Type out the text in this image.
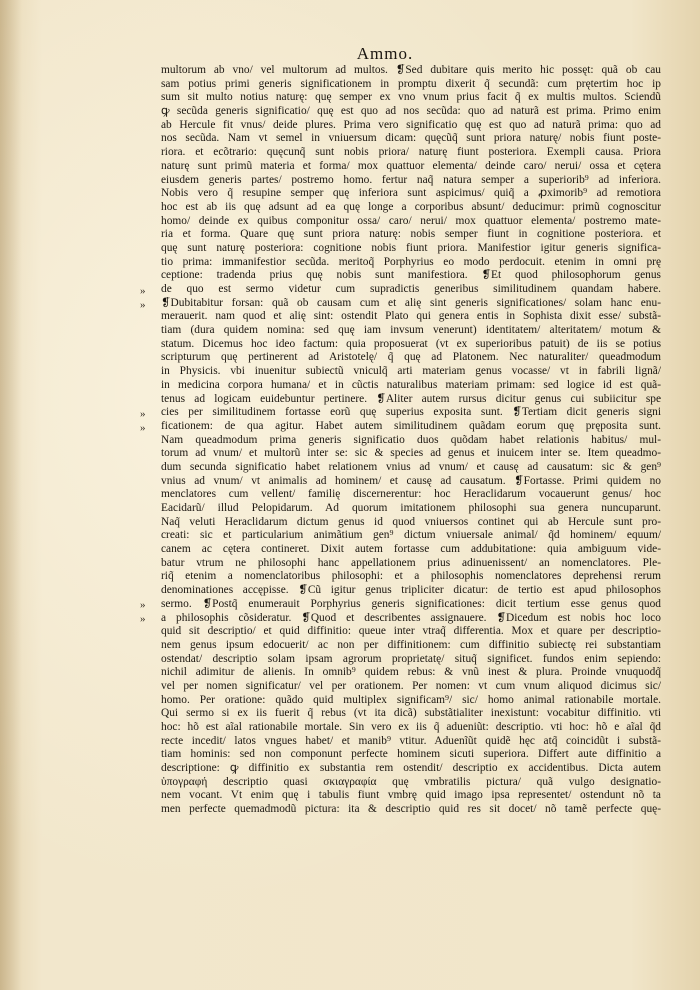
Ammo.
»
»
»
»
»
»
multorum ab vno/ vel multorum ad multos. ❡Sed dubitare quis merito hic possęt: quã ob cau
sam potius primi generis significationem in promptu dixerit q̃ secundã: cum prętertim hoc ip
sum sit multo notius naturę: quę semper ex vno vnum prius facit q̃ ex multis multos. Sciendũ
ꝙ secũda generis significatio/ quę est quo ad nos secũda: quo ad naturã est prima. Primo enim
ab Hercule fit vnus/ deide plures. Prima vero significatio quę est quo ad naturã prima: quo ad
nos secũda. Nam vt semel in vniuersum dicam: quęcũq̃ sunt priora naturę/ nobis fiunt poste-
riora. et ecõtrario: quęcunq̃ sunt nobis priora/ naturę fiunt posteriora. Exempli causa. Priora
naturę sunt primũ materia et forma/ mox quattuor elementa/ deinde caro/ nerui/ ossa et cętera
eiusdem generis partes/ postremo homo. fertur naq̃ natura semper a superiorib⁹ ad inferiora.
Nobis vero q̃ resupine semper quę inferiora sunt aspicimus/ quiq̃ a ꝓximorib⁹ ad remotiora
hoc est ab iis quę adsunt ad ea quę longe a corporibus absunt/ deducimur: primũ cognoscitur
homo/ deinde ex quibus componitur ossa/ caro/ nerui/ mox quattuor elementa/ postremo mate-
ria et forma. Quare quę sunt priora naturę: nobis semper fiunt in cognitione posteriora. et
quę sunt naturę posteriora: cognitione nobis fiunt priora. Manifestior igitur generis significa-
tio prima: immanifestior secũda. meritoq̃ Porphyrius eo modo perdocuit. etenim in omni prę
ceptione: tradenda prius quę nobis sunt manifestiora. ❡Et quod philosophorum genus
de quo est sermo videtur cum supradictis generibus similitudinem quandam habere.
❡Dubitabitur forsan: quã ob causam cum et alię sint generis significationes/ solam hanc enu-
merauerit. nam quod et alię sint: ostendit Plato qui genera entis in Sophista dixit esse/ substã-
tiam (dura quidem nomina: sed quę iam invsum venerunt) identitatem/ alteritatem/ motum &
statum. Dicemus hoc ideo factum: quia proposuerat (vt ex superioribus patuit) de iis se potius
scripturum quę pertinerent ad Aristotelę/ q̃ quę ad Platonem. Nec naturaliter/ queadmodum
in Physicis. vbi inuenitur subiectũ vniculq̃ arti materiam genus vocasse/ vt in fabrili lignã/
in medicina corpora humana/ et in cũctis naturalibus materiam primam: sed logice id est quã-
tenus ad logicam euidebuntur pertinere. ❡Aliter autem rursus dicitur genus cui subiicitur spe
cies per similitudinem fortasse eorũ quę superius exposita sunt. ❡Tertiam dicit generis signi
ficationem: de qua agitur. Habet autem similitudinem quãdam eorum quę pręposita sunt.
Nam queadmodum prima generis significatio duos quõdam habet relationis habitus/ mul-
torum ad vnum/ et multorũ inter se: sic & species ad genus et inuicem inter se. Item queadmo-
dum secunda significatio habet relationem vnius ad vnum/ et causę ad causatum: sic & gen⁹
vnius ad vnum/ vt animalis ad hominem/ et causę ad causatum. ❡Fortasse. Primi quidem no
menclatores cum vellent/ familię discernerentur: hoc Heraclidarum vocauerunt genus/ hoc
Eacidarũ/ illud Pelopidarum. Ad quorum imitationem philosophi sua genera nuncuparunt.
Naq̃ veluti Heraclidarum dictum genus id quod vniuersos continet qui ab Hercule sunt pro-
creati: sic et particularium animãtium gen⁹ dictum vniuersale animal/ q̃d hominem/ equum/
canem ac cętera contineret. Dixit autem fortasse cum addubitatione: quia ambiguum vide-
batur vtrum ne philosophi hanc appellationem prius adinuenissent/ an nomenclatores. Ple-
riq̃ etenim a nomenclatoribus philosophi: et a philosophis nomenclatores deprehensi rerum
denominationes accępisse. ❡Cũ igitur genus tripliciter dicatur: de tertio est apud philosophos
sermo. ❡Postq̃ enumerauit Porphyrius generis significationes: dicit tertium esse genus quod
a philosophis cõsideratur. ❡Quod et describentes assignauere. ❡Dicedum est nobis hoc loco
quid sit descriptio/ et quid diffinitio: queue inter vtraq̃ differentia. Mox et quare per descriptio-
nem genus ipsum edocuerit/ ac non per diffinitionem: cum diffinitio subiectę rei substantiam
ostendat/ descriptio solam ipsam agrorum proprietatę/ situq̃ significet. fundos enim sepiendo:
nichil adimitur de alienis. In omnib⁹ quidem rebus: & vnũ inest & plura. Proinde vnuquodq̃
vel per nomen significatur/ vel per orationem. Per nomen: vt cum vnum aliquod dicimus sic/
homo. Per oratione: quãdo quid multiplex significam⁹/ sic/ homo animal rationabile mortale.
Qui sermo si ex iis fuerit q̃ rebus (vt ita dicã) substãtialiter inexistunt: vocabitur diffinitio. vti
hoc: hõ est aĩal rationabile mortale. Sin vero ex iis q̃ adueniũt: descriptio. vti hoc: hõ e aĩal q̃d
recte incedit/ latos vngues habet/ et manib⁹ vtitur. Aduenĩũt quidẽ hęc atq̃ coincidũt i substã-
tiam hominis: sed non componunt perfecte hominem sicuti superiora. Differt aute diffinitio a
descriptione: ꝙ diffinitio ex substantia rem ostendit/ descriptio ex accidentibus. Dicta autem
ὑπογραφή descriptio quasi σκιαγραφία quę vmbratilis pictura/ quã vulgo designatio-
nem vocant. Vt enim quę i tabulis fiunt vmbrę quid imago ipsa representet/ ostendunt nõ ta
men perfecte quemadmodũ pictura: ita & descriptio quid res sit docet/ nõ tamẽ perfecte quę-
